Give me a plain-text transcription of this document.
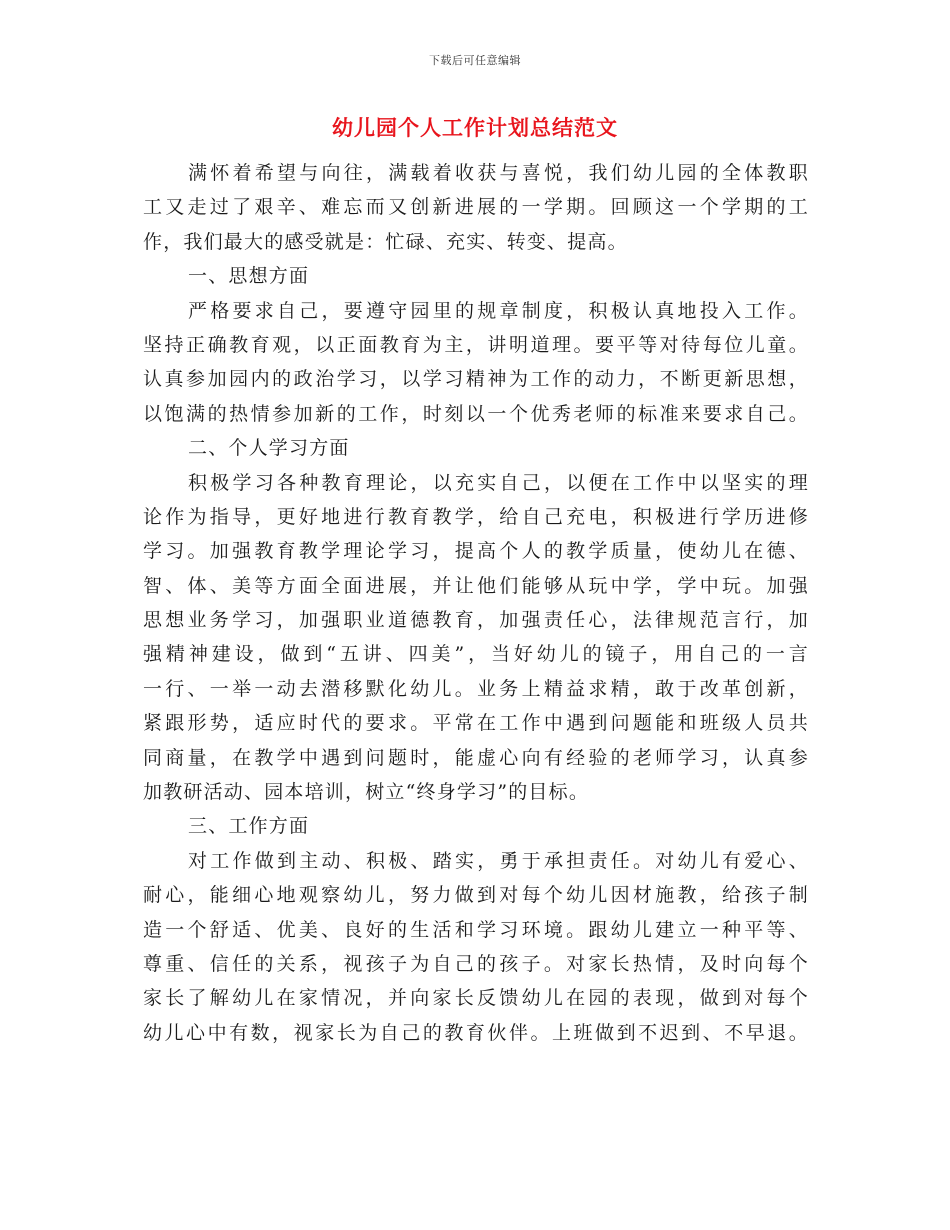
下载后可任意编辑
幼儿园个人工作计划总结范文
满怀着希望与向往，满载着收获与喜悦，我们幼儿园的全体教职
工又走过了艰辛、难忘而又创新进展的一学期。回顾这一个学期的工
作，我们最大的感受就是：忙碌、充实、转变、提高。
一、思想方面
严格要求自己，要遵守园里的规章制度，积极认真地投入工作。
坚持正确教育观，以正面教育为主，讲明道理。要平等对待每位儿童。
认真参加园内的政治学习，以学习精神为工作的动力，不断更新思想，
以饱满的热情参加新的工作，时刻以一个优秀老师的标准来要求自己。
二、个人学习方面
积极学习各种教育理论，以充实自己，以便在工作中以坚实的理
论作为指导，更好地进行教育教学，给自己充电，积极进行学历进修
学习。加强教育教学理论学习，提高个人的教学质量，使幼儿在德、
智、体、美等方面全面进展，并让他们能够从玩中学，学中玩。加强
思想业务学习，加强职业道德教育，加强责任心，法律规范言行，加
强精神建设，做到“五讲、四美”，当好幼儿的镜子，用自己的一言
一行、一举一动去潜移默化幼儿。业务上精益求精，敢于改革创新，
紧跟形势，适应时代的要求。平常在工作中遇到问题能和班级人员共
同商量，在教学中遇到问题时，能虚心向有经验的老师学习，认真参
加教研活动、园本培训，树立“终身学习”的目标。
三、工作方面
对工作做到主动、积极、踏实，勇于承担责任。对幼儿有爱心、
耐心，能细心地观察幼儿，努力做到对每个幼儿因材施教，给孩子制
造一个舒适、优美、良好的生活和学习环境。跟幼儿建立一种平等、
尊重、信任的关系，视孩子为自己的孩子。对家长热情，及时向每个
家长了解幼儿在家情况，并向家长反馈幼儿在园的表现，做到对每个
幼儿心中有数，视家长为自己的教育伙伴。上班做到不迟到、不早退。
